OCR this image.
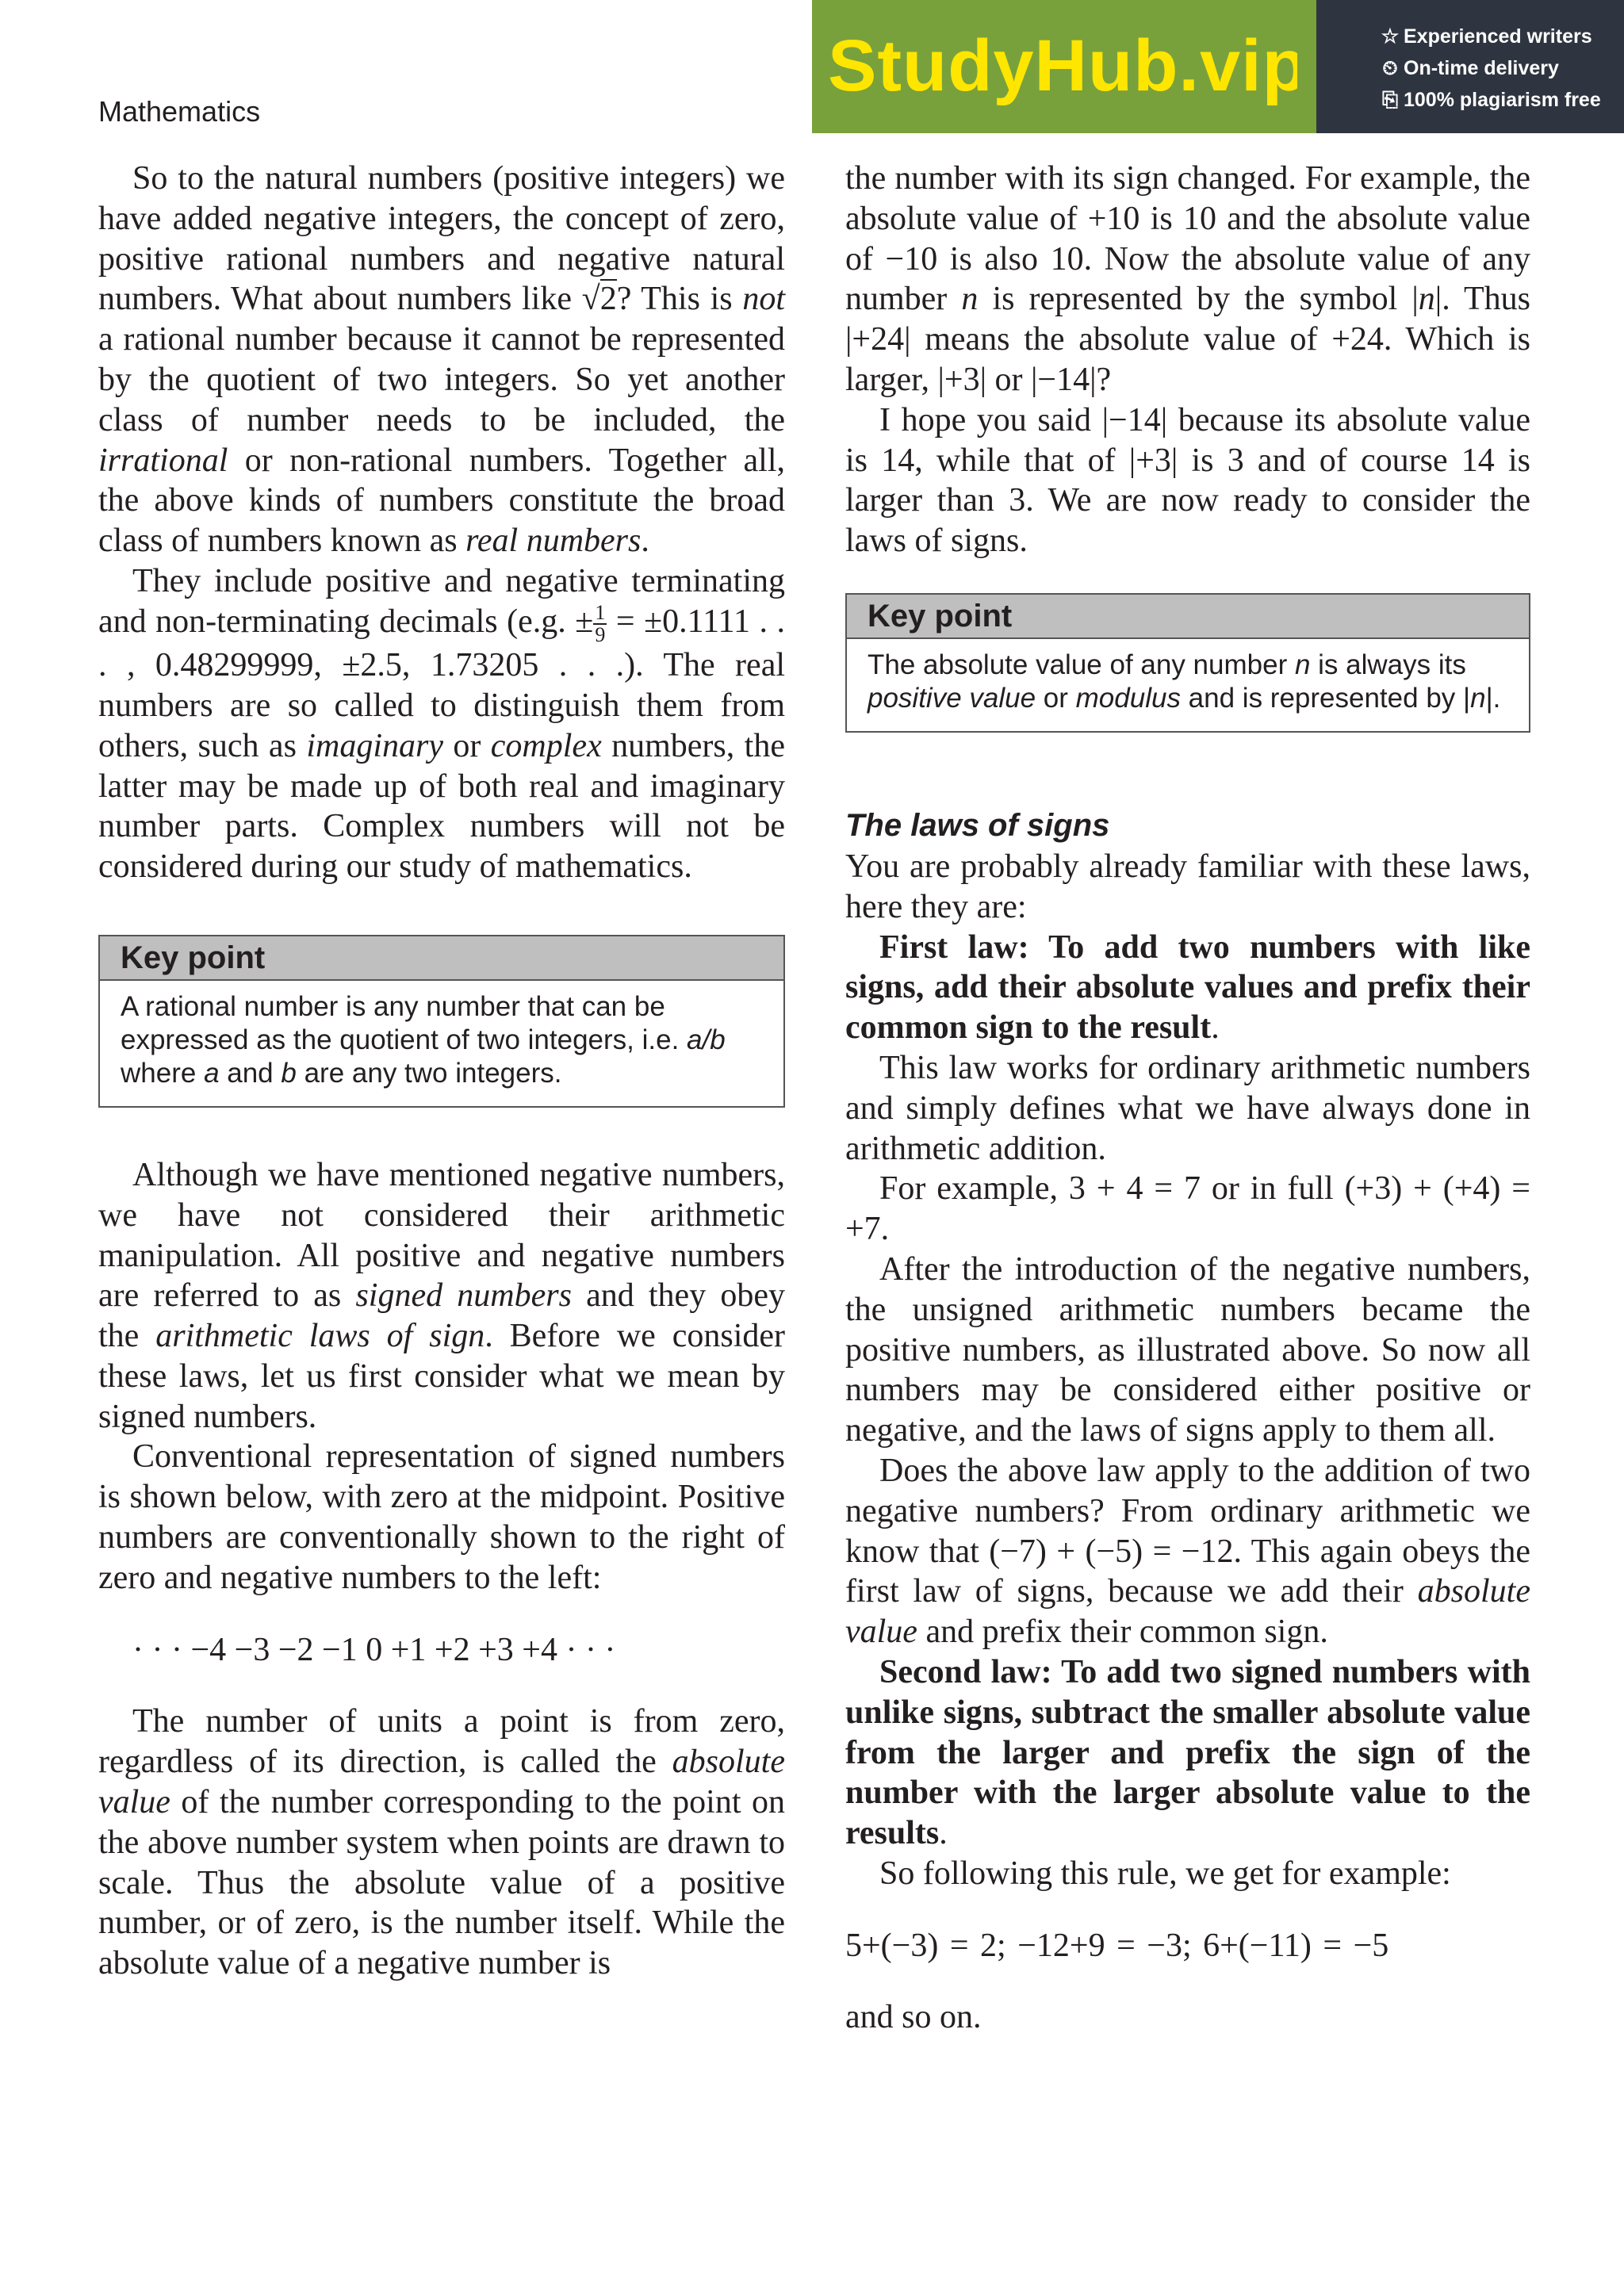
Mathematics
StudyHub.vip	☆ Experienced writers
⏲ On-time delivery
⎘ 100% plagiarism free

So to the natural numbers (positive integers) we have added negative integers, the concept of zero, positive rational numbers and negative natural numbers. What about numbers like √2? This is not a rational number because it cannot be represented by the quotient of two integers. So yet another class of number needs to be included, the irrational or non-rational numbers. Together all, the above kinds of numbers constitute the broad class of numbers known as real numbers.

They include positive and negative terminating and non-terminating decimals (e.g. ± $\frac{1}{9} = \pm 0.1111$ . . . , 0.48299999, ±2.5, 1.73205 . . .). The real numbers are so called to distinguish them from others, such as imaginary or complex numbers, the latter may be made up of both real and imaginary number parts. Complex numbers will not be considered during our study of mathematics.

Key point
A rational number is any number that can be expressed as the quotient of two integers, i.e. a/b where a and b are any two integers.

Although we have mentioned negative numbers, we have not considered their arithmetic manipulation. All positive and negative numbers are referred to as signed numbers and they obey the arithmetic laws of sign. Before we consider these laws, let us first consider what we mean by signed numbers.

Conventional representation of signed numbers is shown below, with zero at the midpoint. Positive numbers are conventionally shown to the right of zero and negative numbers to the left:

· · · −4 −3 −2 −1 0 +1 +2 +3 +4 · · ·

The number of units a point is from zero, regardless of its direction, is called the absolute value of the number corresponding to the point on the above number system when points are drawn to scale. Thus the absolute value of a positive number, or of zero, is the number itself. While the absolute value of a negative number is

the number with its sign changed. For example, the absolute value of +10 is 10 and the absolute value of −10 is also 10. Now the absolute value of any number n is represented by the symbol |n|. Thus |+24| means the absolute value of +24. Which is larger, |+3| or |−14|?

I hope you said |−14| because its absolute value is 14, while that of |+3| is 3 and of course 14 is larger than 3. We are now ready to consider the laws of signs.

Key point
The absolute value of any number n is always its positive value or modulus and is represented by |n|.
The laws of signs

You are probably already familiar with these laws, here they are:

First law: To add two numbers with like signs, add their absolute values and prefix their common sign to the result.

This law works for ordinary arithmetic numbers and simply defines what we have always done in arithmetic addition.

For example, 3 + 4 = 7 or in full (+3) + (+4) = +7.

After the introduction of the negative numbers, the unsigned arithmetic numbers became the positive numbers, as illustrated above. So now all numbers may be considered either positive or negative, and the laws of signs apply to them all.

Does the above law apply to the addition of two negative numbers? From ordinary arithmetic we know that (−7) + (−5) = −12. This again obeys the first law of signs, because we add their absolute value and prefix their common sign.

Second law: To add two signed numbers with unlike signs, subtract the smaller absolute value from the larger and prefix the sign of the number with the larger absolute value to the results.

So following this rule, we get for example:

5+(−3) = 2; −12+9 = −3; 6+(−11) = −5

and so on.
